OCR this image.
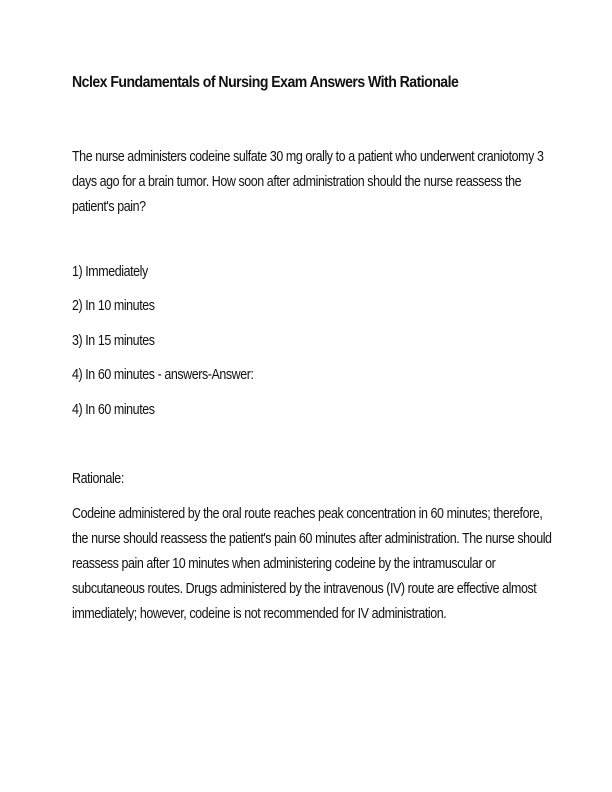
Nclex Fundamentals of Nursing Exam Answers With Rationale
The nurse administers codeine sulfate 30 mg orally to a patient who underwent craniotomy 3 days ago for a brain tumor. How soon after administration should the nurse reassess the patient's pain?
1) Immediately
2) In 10 minutes
3) In 15 minutes
4) In 60 minutes - answers-Answer:
4) In 60 minutes
Rationale:
Codeine administered by the oral route reaches peak concentration in 60 minutes; therefore, the nurse should reassess the patient's pain 60 minutes after administration. The nurse should reassess pain after 10 minutes when administering codeine by the intramuscular or subcutaneous routes. Drugs administered by the intravenous (IV) route are effective almost immediately; however, codeine is not recommended for IV administration.
